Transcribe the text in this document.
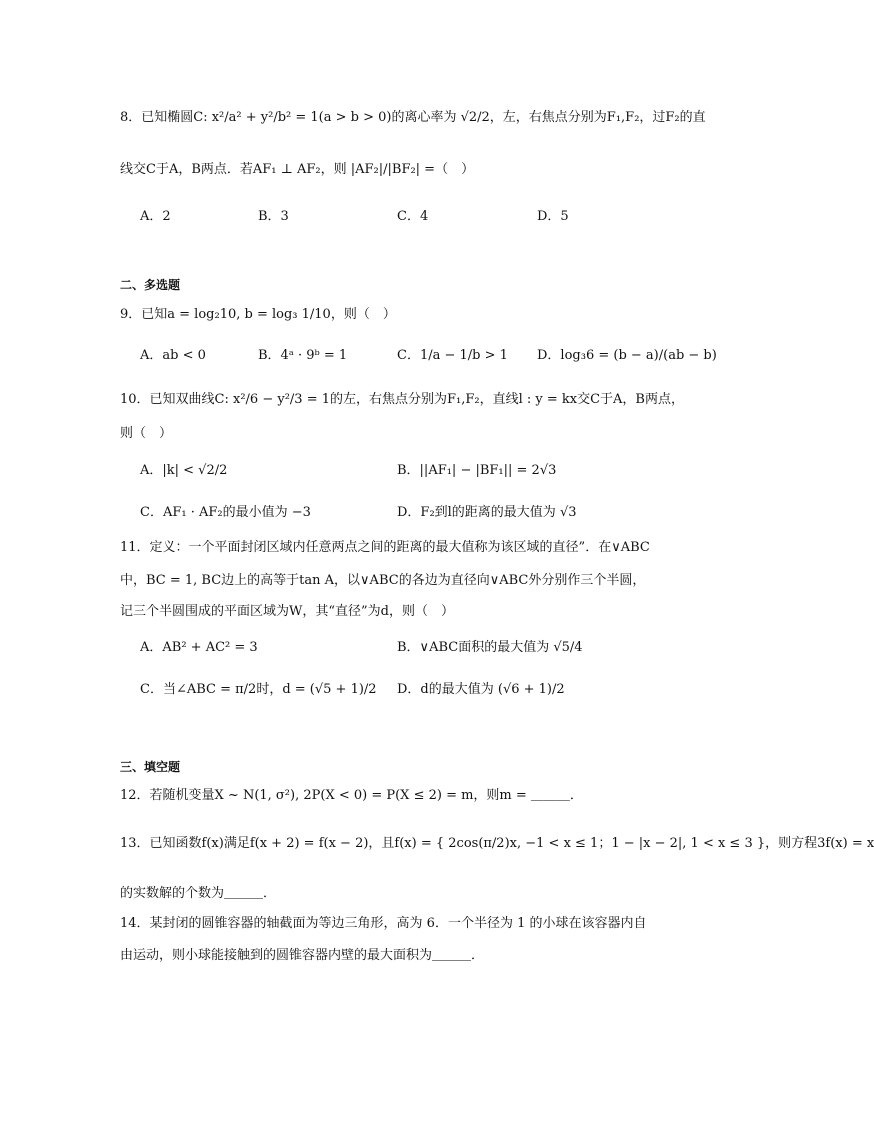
8．已知椭圆C: x²/a² + y²/b² = 1(a > b > 0)的离心率为 √2/2，左，右焦点分别为F₁,F₂，过F₂的直
线交C于A，B两点．若AF₁ ⊥ AF₂，则 |AF₂|/|BF₂| =（　）
A．2	B．3	C．4	D．5
二、多选题
9．已知a = log₂10, b = log₃ 1/10，则（　）
A．ab < 0	B．4ᵃ · 9ᵇ = 1	C．1/a − 1/b > 1 D．log₃6 = (b − a)/(ab − b)
10．已知双曲线C: x²/6 − y²/3 = 1的左，右焦点分别为F₁,F₂，直线l : y = kx交C于A，B两点，
则（　）
A．|k| < √2/2	B．||AF₁| − |BF₁|| = 2√3
C．AF₁ · AF₂的最小值为 −3	D．F₂到l的距离的最大值为 √3
11．定义：一个平面封闭区域内任意两点之间的距离的最大值称为该区域的直径”．在∨ABC
中，BC = 1, BC边上的高等于tan A，以∨ABC的各边为直径向∨ABC外分别作三个半圆，
记三个半圆围成的平面区域为W，其“直径”为d，则（　）
A．AB² + AC² = 3	B．∨ABC面积的最大值为 √5/4
C．当∠ABC = π/2时，d = (√5 + 1)/2 D．d的最大值为 (√6 + 1)/2
三、填空题
12．若随机变量X ~ N(1, σ²), 2P(X < 0) = P(X ≤ 2) = m，则m = ＿＿＿．
13．已知函数f(x)满足f(x + 2) = f(x − 2)，且f(x) = { 2cos(π/2)x, −1 < x ≤ 1；1 − |x − 2|, 1 < x ≤ 3 }，则方程3f(x) = x
的实数解的个数为＿＿＿．
14．某封闭的圆锥容器的轴截面为等边三角形，高为 6．一个半径为 1 的小球在该容器内自
由运动，则小球能接触到的圆锥容器内壁的最大面积为＿＿＿．
